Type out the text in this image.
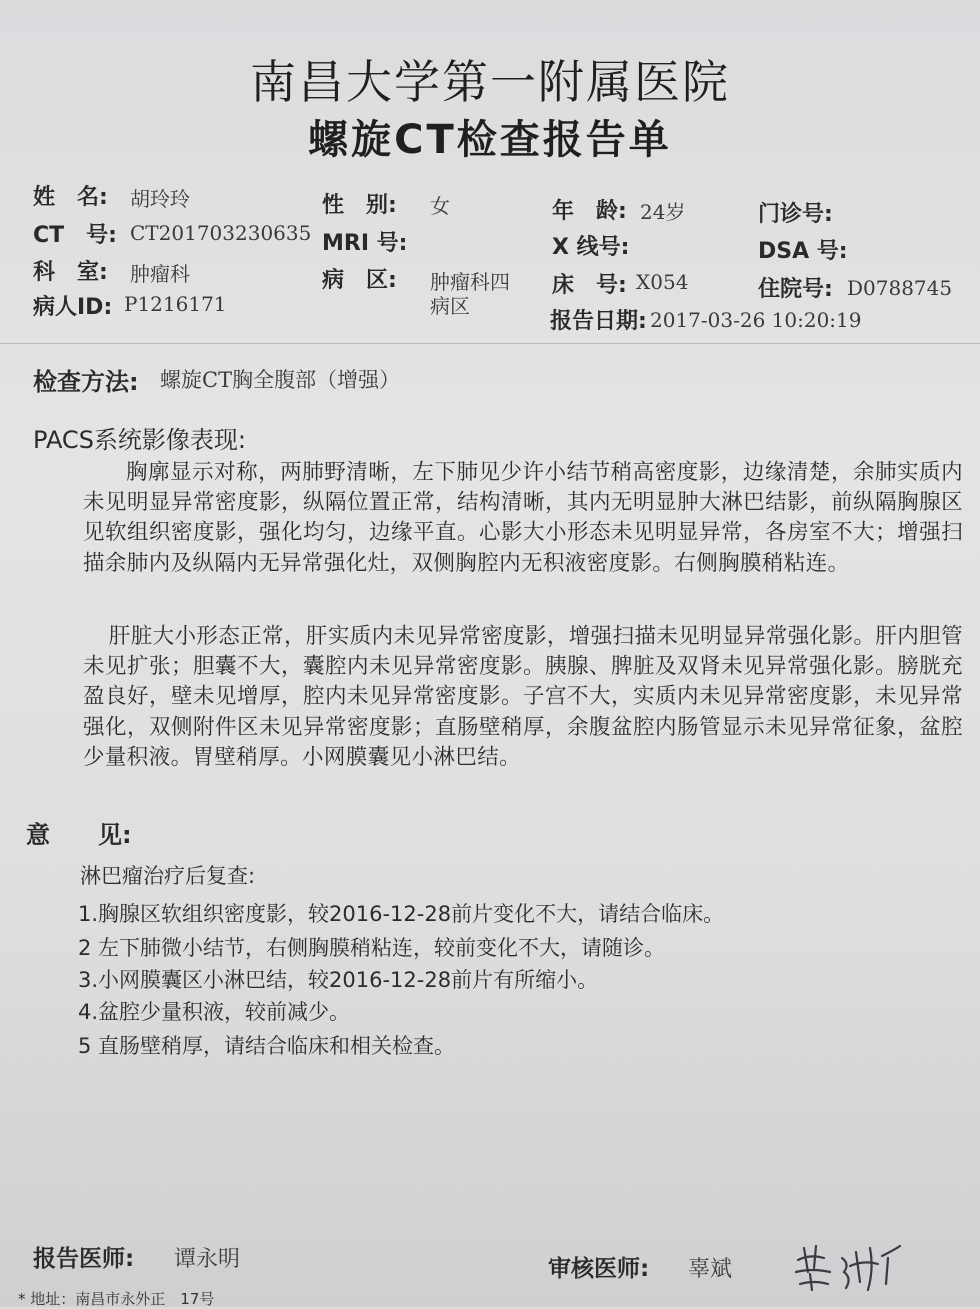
南昌大学第一附属医院
螺旋CT检查报告单
姓　名: 胡玲玲	性　别: 女	年　龄: 24岁	门诊号:
CT　号: CT201703230635 MRI 号:	X 线号:	DSA 号:
科　室: 肿瘤科	病　区: 肿瘤科四
病区
床　号: X054	住院号: D0788745
病人ID: P1216171
报告日期: 2017-03-26 10:20:19
检查方法: 螺旋CT胸全腹部（增强）
PACS系统影像表现:
胸廓显示对称，两肺野清晰，左下肺见少许小结节稍高密度影，边缘清楚，余肺实质内未见明显异常密度影，纵隔位置正常，结构清晰，其内无明显肿大淋巴结影，前纵隔胸腺区见软组织密度影，强化均匀，边缘平直。心影大小形态未见明显异常，各房室不大；增强扫描余肺内及纵隔内无异常强化灶，双侧胸腔内无积液密度影。右侧胸膜稍粘连。
肝脏大小形态正常，肝实质内未见异常密度影，增强扫描未见明显异常强化影。肝内胆管未见扩张；胆囊不大，囊腔内未见异常密度影。胰腺、脾脏及双肾未见异常强化影。膀胱充盈良好，壁未见增厚，腔内未见异常密度影。子宫不大，实质内未见异常密度影，未见异常强化，双侧附件区未见异常密度影；直肠壁稍厚，余腹盆腔内肠管显示未见异常征象，盆腔少量积液。胃壁稍厚。小网膜囊见小淋巴结。
意　　见:
淋巴瘤治疗后复查:
1.胸腺区软组织密度影，较2016-12-28前片变化不大，请结合临床。
2 左下肺微小结节，右侧胸膜稍粘连，较前变化不大，请随诊。
3.小网膜囊区小淋巴结，较2016-12-28前片有所缩小。
4.盆腔少量积液，较前减少。
5 直肠壁稍厚，请结合临床和相关检查。
报告医师: 谭永明	审核医师: 辜斌
* 地址：南昌市永外正　17号
